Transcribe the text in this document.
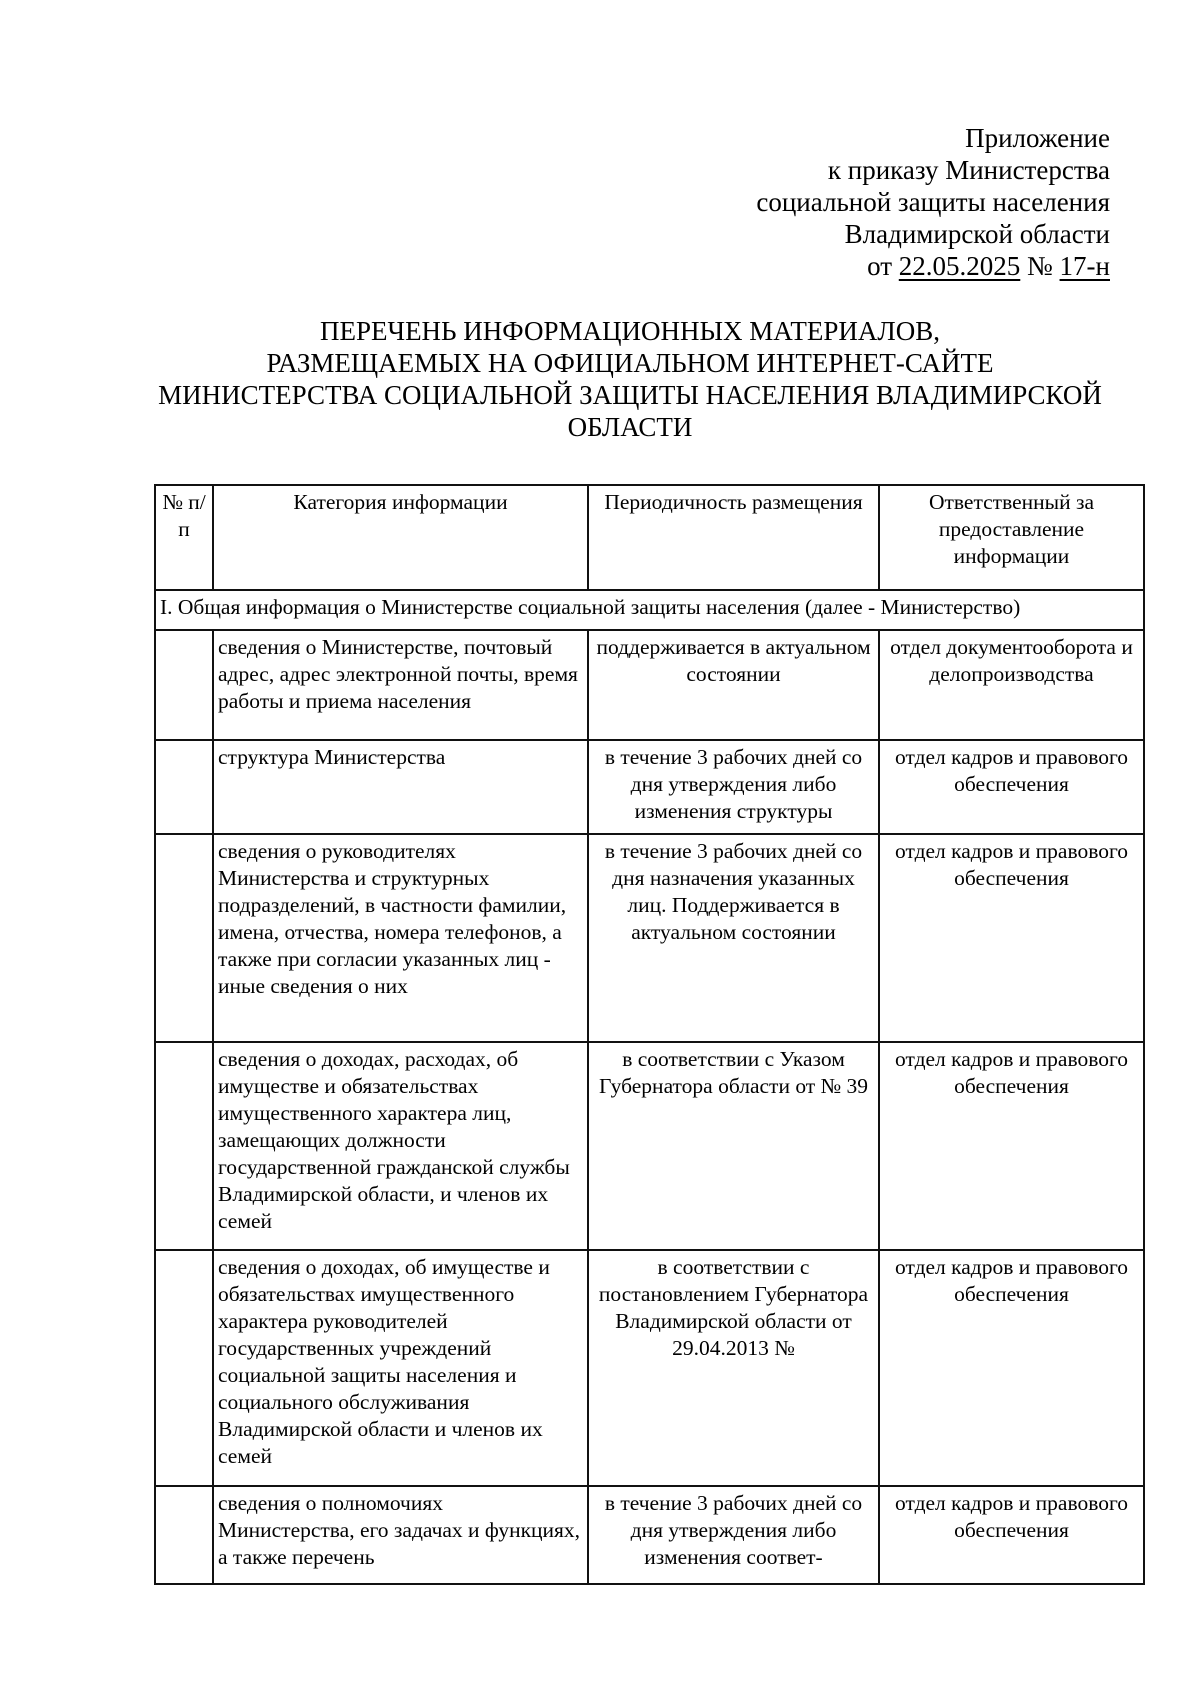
Приложение
к приказу Министерства
социальной защиты населения
Владимирской области
от 22.05.2025 № 17-н
ПЕРЕЧЕНЬ ИНФОРМАЦИОННЫХ МАТЕРИАЛОВ,
РАЗМЕЩАЕМЫХ НА ОФИЦИАЛЬНОМ ИНТЕРНЕТ-САЙТЕ
МИНИСТЕРСТВА СОЦИАЛЬНОЙ ЗАЩИТЫ НАСЕЛЕНИЯ ВЛАДИМИРСКОЙ
ОБЛАСТИ
№ п/п	Категория информации	Периодичность размещения	Ответственный за предоставление информации
I. Общая информация о Министерстве социальной защиты населения (далее - Министерство)			
	сведения о Министерстве, почтовый адрес, адрес электронной почты, время работы и приема населения	поддерживается в актуальном состоянии	отдел документооборота и делопроизводства
	структура Министерства	в течение 3 рабочих дней со дня утверждения либо изменения структуры	отдел кадров и правового обеспечения
	сведения о руководителях Министерства и структурных подразделений, в частности фамилии, имена, отчества, номера телефонов, а также при согласии указанных лиц - иные сведения о них	в течение 3 рабочих дней со дня назначения указанных лиц. Поддерживается в актуальном состоянии	отдел кадров и правового обеспечения
	сведения о доходах, расходах, об имуществе и обязательствах имущественного характера лиц, замещающих должности государственной гражданской службы Владимирской области, и членов их семей	в соответствии с Указом Губернатора области от № 39	отдел кадров и правового обеспечения
	сведения о доходах, об имуществе и обязательствах имущественного характера руководителей государственных учреждений социальной защиты населения и социального обслуживания Владимирской области и членов их семей	в соответствии с постановлением Губернатора Владимирской области от 29.04.2013 №	отдел кадров и правового обеспечения
	сведения о полномочиях Министерства, его задачах и функциях, а также перечень	в течение 3 рабочих дней со дня утверждения либо изменения соответ-	отдел кадров и правового обеспечения
